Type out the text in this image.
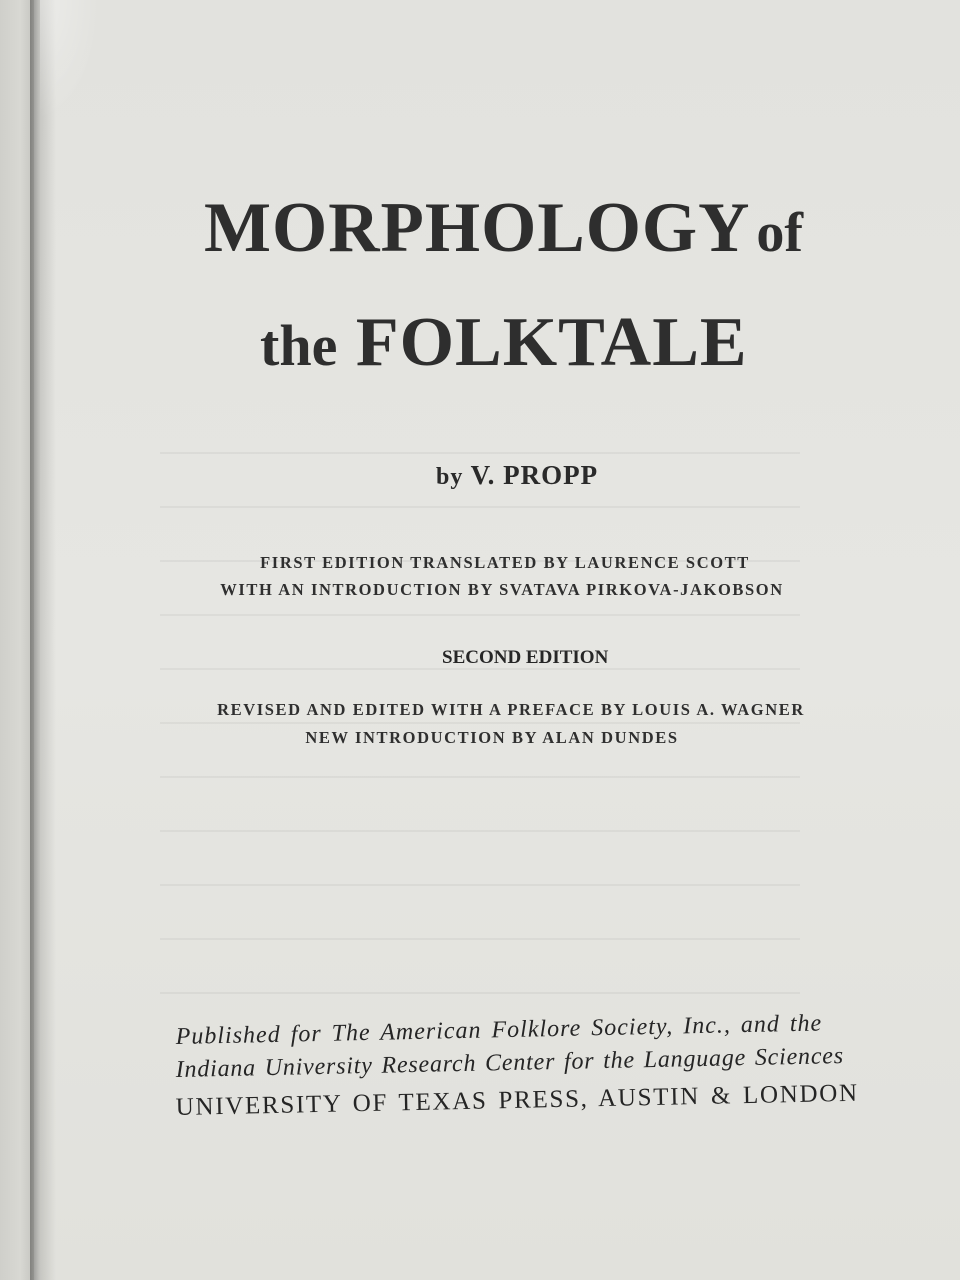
MORPHOLOGY of
the FOLKTALE
by V. PROPP
FIRST EDITION TRANSLATED BY LAURENCE SCOTT
WITH AN INTRODUCTION BY SVATAVA PIRKOVA-JAKOBSON
SECOND EDITION
REVISED AND EDITED WITH A PREFACE BY LOUIS A. WAGNER
NEW INTRODUCTION BY ALAN DUNDES
Published for The American Folklore Society, Inc., and the
Indiana University Research Center for the Language Sciences
UNIVERSITY OF TEXAS PRESS, AUSTIN & LONDON
